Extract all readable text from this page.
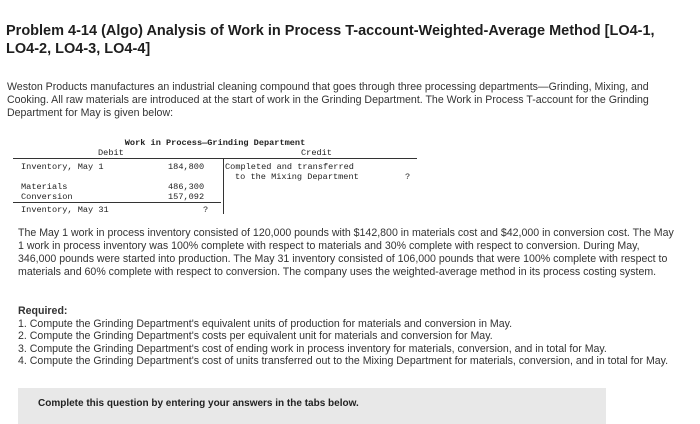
Problem 4-14 (Algo) Analysis of Work in Process T-account-Weighted-Average Method [LO4-1, LO4-2, LO4-3, LO4-4]
Weston Products manufactures an industrial cleaning compound that goes through three processing departments—Grinding, Mixing, and Cooking. All raw materials are introduced at the start of work in the Grinding Department. The Work in Process T-account for the Grinding Department for May is given below:
Work in Process—Grinding Department
Debit	Credit
Inventory, May 1	184,800
Materials	486,300
Conversion	157,092
Inventory, May 31	?
Completed and transferred
to the Mixing Department	?
The May 1 work in process inventory consisted of 120,000 pounds with $142,800 in materials cost and $42,000 in conversion cost. The May 1 work in process inventory was 100% complete with respect to materials and 30% complete with respect to conversion. During May, 346,000 pounds were started into production. The May 31 inventory consisted of 106,000 pounds that were 100% complete with respect to materials and 60% complete with respect to conversion. The company uses the weighted-average method in its process costing system.
Required:
1. Compute the Grinding Department's equivalent units of production for materials and conversion in May.
2. Compute the Grinding Department's costs per equivalent unit for materials and conversion for May.
3. Compute the Grinding Department's cost of ending work in process inventory for materials, conversion, and in total for May.
4. Compute the Grinding Department's cost of units transferred out to the Mixing Department for materials, conversion, and in total for May.
Complete this question by entering your answers in the tabs below.
